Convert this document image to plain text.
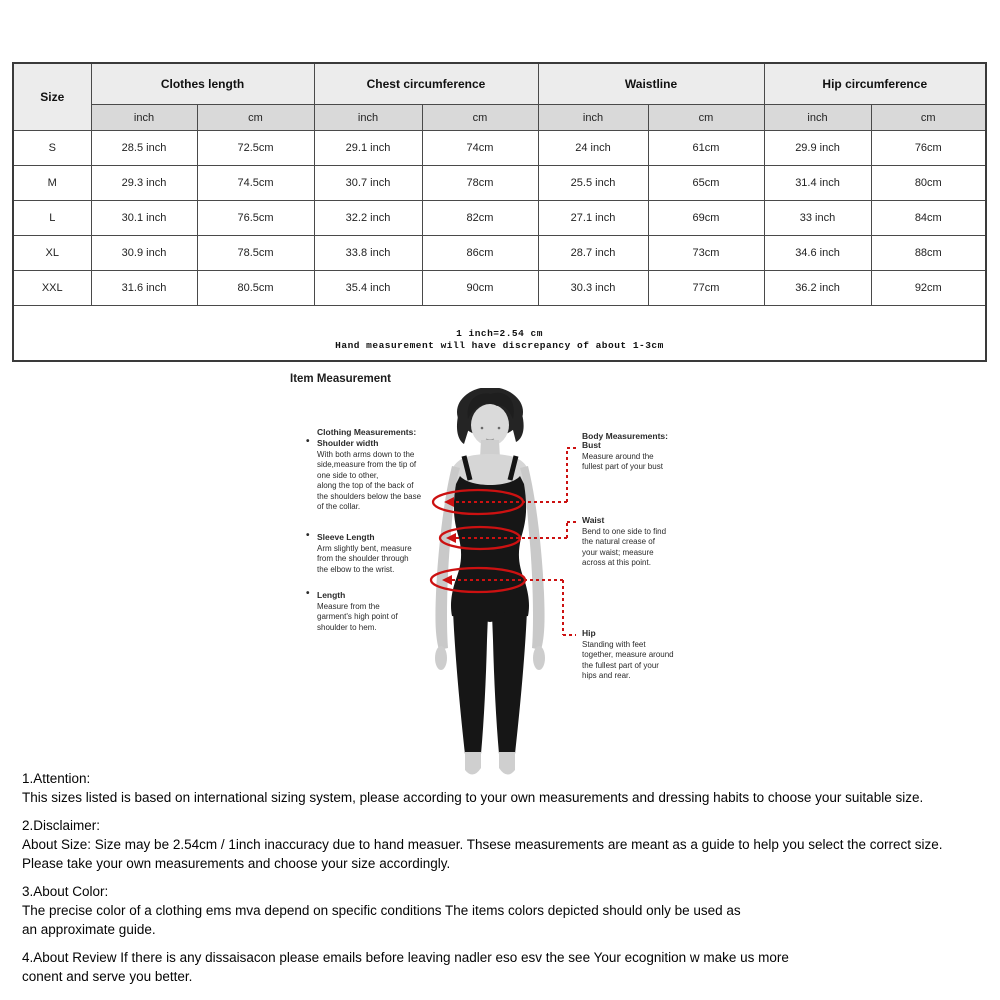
Size	Clothes length		Chest circumference		Waistline		Hip circumference	
	inch	cm	inch	cm	inch	cm	inch	cm
S	28.5 inch	72.5cm	29.1 inch	74cm	24 inch	61cm	29.9 inch	76cm
M	29.3 inch	74.5cm	30.7 inch	78cm	25.5 inch	65cm	31.4 inch	80cm
L	30.1 inch	76.5cm	32.2 inch	82cm	27.1 inch	69cm	33 inch	84cm
XL	30.9 inch	78.5cm	33.8 inch	86cm	28.7 inch	73cm	34.6 inch	88cm
XXL	31.6 inch	80.5cm	35.4 inch	90cm	30.3 inch	77cm	36.2 inch	92cm

1 inch=2.54 cm
Hand measurement will have discrepancy of about 1-3cm								
Item Measurement
Clothing Measurements:
• Shoulder width
With both arms down to the
side,measure from the tip of
one side to other,
along the top of the back of
the shoulders below the base
of the collar.
• Sleeve Length
Arm slightly bent, measure
from the shoulder through
the elbow to the wrist.
• Length
Measure from the
garment's high point of
shoulder to hem.
Body Measurements:
Bust
Measure around the
fullest part of your bust
Waist
Bend to one side to find
the natural crease of
your waist; measure
across at this point.
Hip
Standing with feet
together, measure around
the fullest part of your
hips and rear.
1.Attention:
This sizes listed is based on international sizing system, please according to your own measurements and dressing habits to choose your suitable size.
2.Disclaimer:
About Size: Size may be 2.54cm / 1inch inaccuracy due to hand measuer. Thsese measurements are meant as a guide to help you select the correct size.
Please take your own measurements and choose your size accordingly.
3.About Color:
The precise color of a clothing ems mva depend on specific conditions The items colors depicted should only be used as
an approximate guide.
4.About Review If there is any dissaisacon please emails before leaving nadler eso esv the see Your ecognition w make us more
conent and serve you better.
